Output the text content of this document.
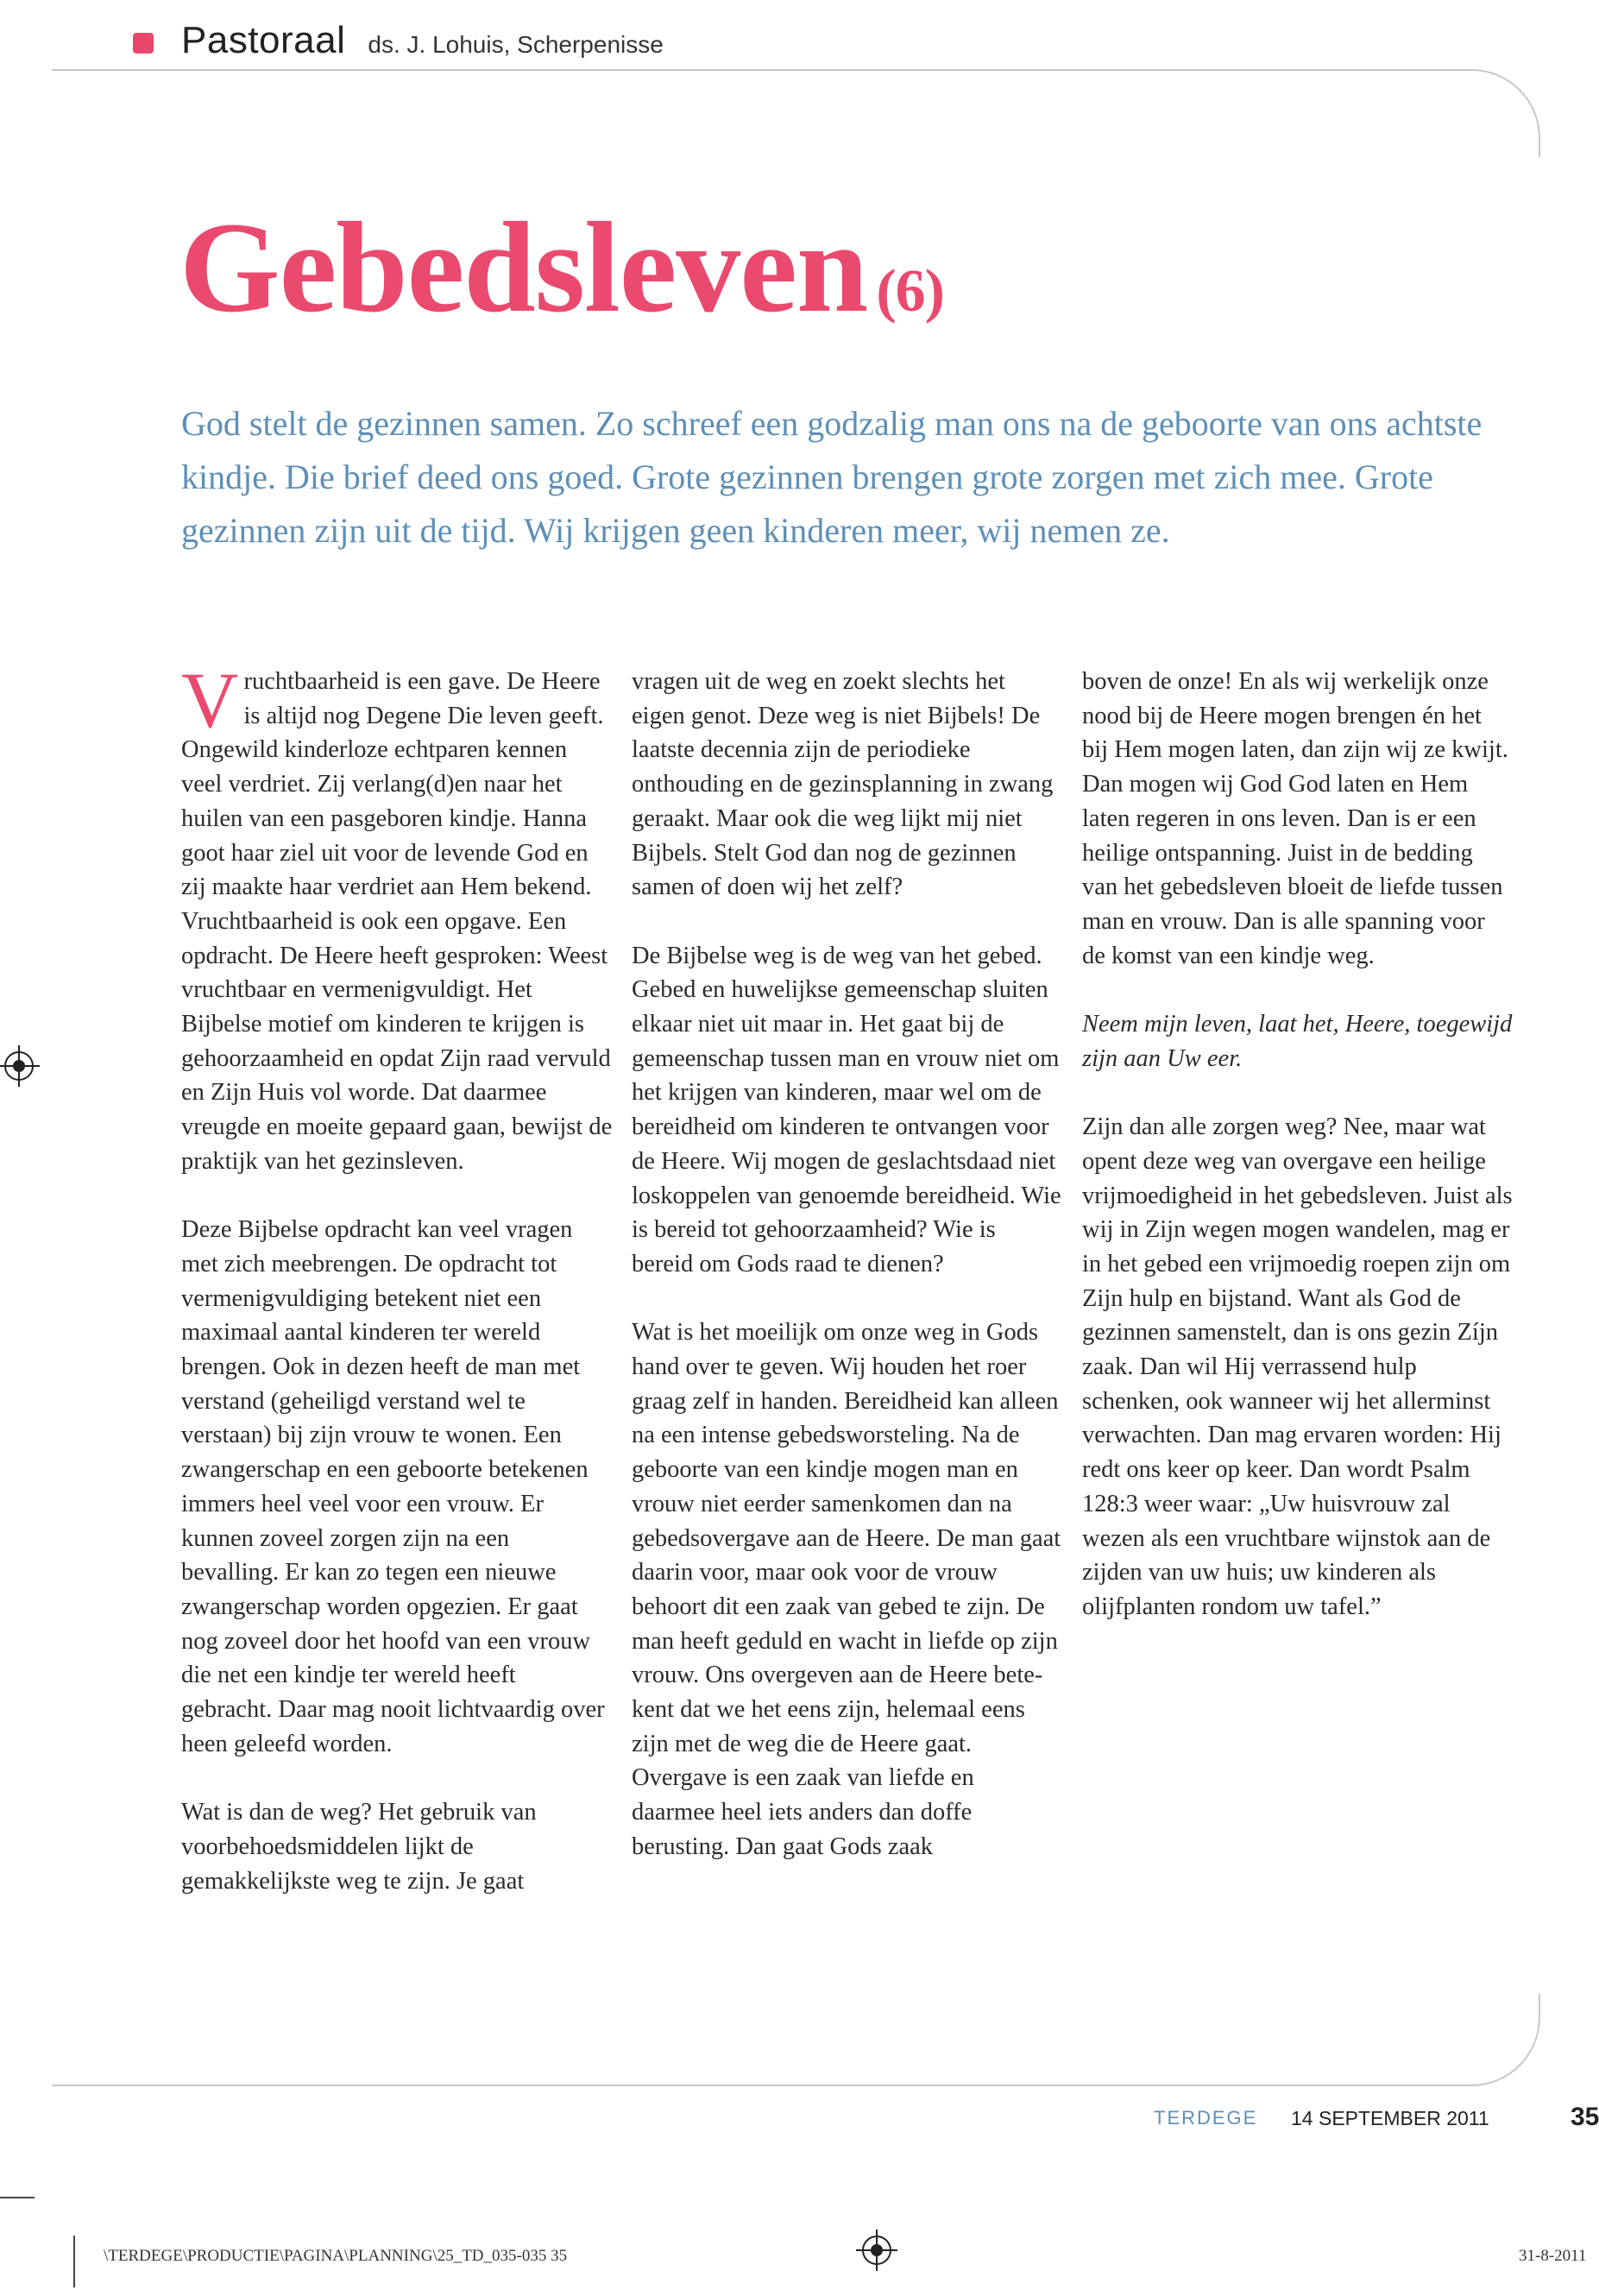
Pastoraal ds. J. Lohuis, Scherpenisse
Gebedsleven (6)
God stelt de gezinnen samen. Zo schreef een godzalig man ons na de geboorte van ons achtste kindje. Die brief deed ons goed. Grote gezinnen brengen grote zorgen met zich mee. Grote gezinnen zijn uit de tijd. Wij krijgen geen kinderen meer, wij nemen ze.

Vruchtbaarheid is een gave. De Heere is altijd nog Degene Die leven geeft. Ongewild kinderloze echtparen kennen veel verdriet. Zij verlang(d)en naar het huilen van een pasgeboren kindje. Hanna goot haar ziel uit voor de levende God en zij maakte haar verdriet aan Hem bekend.

Vruchtbaarheid is ook een opgave. Een opdracht. De Heere heeft gesproken: Weest vruchtbaar en vermenigvuldigt. Het Bijbelse motief om kinderen te krijgen is gehoorzaamheid en opdat Zijn raad vervuld en Zijn Huis vol worde. Dat daarmee vreugde en moeite gepaard gaan, bewijst de praktijk van het gezinsleven.

Deze Bijbelse opdracht kan veel vragen met zich meebrengen. De opdracht tot vermenigvuldiging betekent niet een maximaal aantal kinderen ter wereld brengen. Ook in dezen heeft de man met verstand (geheiligd verstand wel te verstaan) bij zijn vrouw te wonen. Een zwangerschap en een geboorte betekenen immers heel veel voor een vrouw. Er kunnen zoveel zorgen zijn na een bevalling. Er kan zo tegen een nieuwe zwangerschap worden opgezien. Er gaat nog zoveel door het hoofd van een vrouw die net een kindje ter wereld heeft gebracht. Daar mag nooit lichtvaardig over heen geleefd worden.

Wat is dan de weg? Het gebruik van voorbehoedsmiddelen lijkt de gemakkelijkste weg te zijn. Je gaat

vragen uit de weg en zoekt slechts het eigen genot. Deze weg is niet Bijbels! De laatste decennia zijn de periodieke onthouding en de gezinsplanning in zwang geraakt. Maar ook die weg lijkt mij niet Bijbels. Stelt God dan nog de gezinnen samen of doen wij het zelf?

De Bijbelse weg is de weg van het gebed. Gebed en huwelijkse gemeenschap sluiten elkaar niet uit maar in. Het gaat bij de gemeenschap tussen man en vrouw niet om het krijgen van kinderen, maar wel om de bereidheid om kinderen te ontvangen voor de Heere. Wij mogen de geslachtsdaad niet loskoppelen van genoemde bereidheid. Wie is bereid tot gehoorzaamheid? Wie is bereid om Gods raad te dienen?

Wat is het moeilijk om onze weg in Gods hand over te geven. Wij houden het roer graag zelf in handen. Bereidheid kan alleen na een intense gebedsworsteling. Na de geboorte van een kindje mogen man en vrouw niet eerder samenkomen dan na gebedsovergave aan de Heere. De man gaat daarin voor, maar ook voor de vrouw behoort dit een zaak van gebed te zijn. De man heeft geduld en wacht in liefde op zijn vrouw. Ons overgeven aan de Heere betekent dat we het eens zijn, helemaal eens zijn met de weg die de Heere gaat. Overgave is een zaak van liefde en daarmee heel iets anders dan doffe berusting. Dan gaat Gods zaak

boven de onze! En als wij werkelijk onze nood bij de Heere mogen brengen én het bij Hem mogen laten, dan zijn wij ze kwijt. Dan mogen wij God God laten en Hem laten regeren in ons leven. Dan is er een heilige ontspanning. Juist in de bedding van het gebedsleven bloeit de liefde tussen man en vrouw. Dan is alle spanning voor de komst van een kindje weg.

Neem mijn leven, laat het, Heere, toegewijd zijn aan Uw eer.

Zijn dan alle zorgen weg? Nee, maar wat opent deze weg van overgave een heilige vrijmoedigheid in het gebedsleven. Juist als wij in Zijn wegen mogen wandelen, mag er in het gebed een vrijmoedig roepen zijn om Zijn hulp en bijstand. Want als God de gezinnen samenstelt, dan is ons gezin Zíjn zaak. Dan wil Hij verrassend hulp schenken, ook wanneer wij het allerminst verwachten. Dan mag ervaren worden: Hij redt ons keer op keer. Dan wordt Psalm 128:3 weer waar: „Uw huisvrouw zal wezen als een vruchtbare wijnstok aan de zijden van uw huis; uw kinderen als olijfplanten rondom uw tafel.”

TERDEGE 14 SEPTEMBER 2011	35
\TERDEGE\PRODUCTIE\PAGINA\PLANNING\25_TD_035-035 35	31-8-2011
